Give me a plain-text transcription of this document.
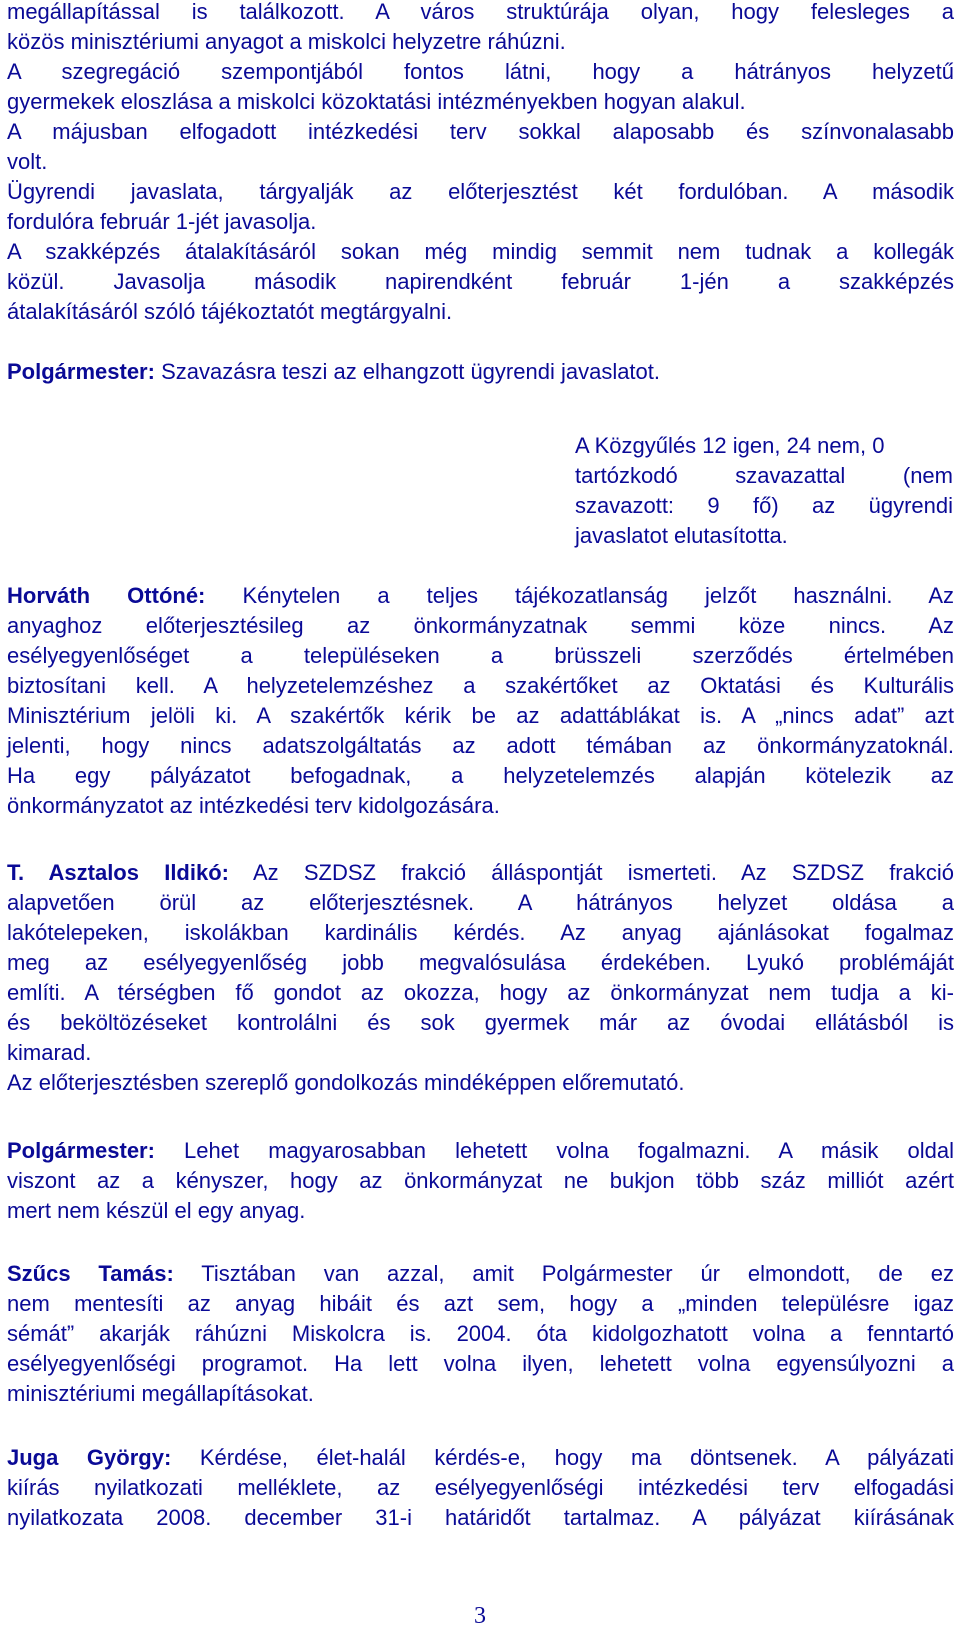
megállapítással is találkozott. A város struktúrája olyan, hogy felesleges a
közös minisztériumi anyagot a miskolci helyzetre ráhúzni.
A szegregáció szempontjából fontos látni, hogy a hátrányos helyzetű
gyermekek eloszlása a miskolci közoktatási intézményekben hogyan alakul.
A májusban elfogadott intézkedési terv sokkal alaposabb és színvonalasabb
volt.
Ügyrendi javaslata, tárgyalják az előterjesztést két fordulóban. A második
fordulóra február 1-jét javasolja.
A szakképzés átalakításáról sokan még mindig semmit nem tudnak a kollegák
közül. Javasolja második napirendként február 1-jén a szakképzés
átalakításáról szóló tájékoztatót megtárgyalni.
Polgármester: Szavazásra teszi az elhangzott ügyrendi javaslatot.
A Közgyűlés 12 igen, 24 nem, 0
tartózkodó szavazattal (nem
szavazott: 9 fő) az ügyrendi
javaslatot elutasította.
Horváth Ottóné: Kénytelen a teljes tájékozatlanság jelzőt használni. Az
anyaghoz előterjesztésileg az önkormányzatnak semmi köze nincs. Az
esélyegyenlőséget a településeken a brüsszeli szerződés értelmében
biztosítani kell. A helyzetelemzéshez a szakértőket az Oktatási és Kulturális
Minisztérium jelöli ki. A szakértők kérik be az adattáblákat is. A „nincs adat” azt
jelenti, hogy nincs adatszolgáltatás az adott témában az önkormányzatoknál.
Ha egy pályázatot befogadnak, a helyzetelemzés alapján kötelezik az
önkormányzatot az intézkedési terv kidolgozására.
T. Asztalos Ildikó: Az SZDSZ frakció álláspontját ismerteti. Az SZDSZ frakció
alapvetően örül az előterjesztésnek. A hátrányos helyzet oldása a
lakótelepeken, iskolákban kardinális kérdés. Az anyag ajánlásokat fogalmaz
meg az esélyegyenlőség jobb megvalósulása érdekében. Lyukó problémáját
említi. A térségben fő gondot az okozza, hogy az önkormányzat nem tudja a ki-
és beköltözéseket kontrolálni és sok gyermek már az óvodai ellátásból is
kimarad.
Az előterjesztésben szereplő gondolkozás mindéképpen előremutató.
Polgármester: Lehet magyarosabban lehetett volna fogalmazni. A másik oldal
viszont az a kényszer, hogy az önkormányzat ne bukjon több száz milliót azért
mert nem készül el egy anyag.
Szűcs Tamás: Tisztában van azzal, amit Polgármester úr elmondott, de ez
nem mentesíti az anyag hibáit és azt sem, hogy a „minden településre igaz
sémát” akarják ráhúzni Miskolcra is. 2004. óta kidolgozhatott volna a fenntartó
esélyegyenlőségi programot. Ha lett volna ilyen, lehetett volna egyensúlyozni a
minisztériumi megállapításokat.
Juga György: Kérdése, élet-halál kérdés-e, hogy ma döntsenek. A pályázati
kiírás nyilatkozati melléklete, az esélyegyenlőségi intézkedési terv elfogadási
nyilatkozata 2008. december 31-i határidőt tartalmaz. A pályázat kiírásának
3
